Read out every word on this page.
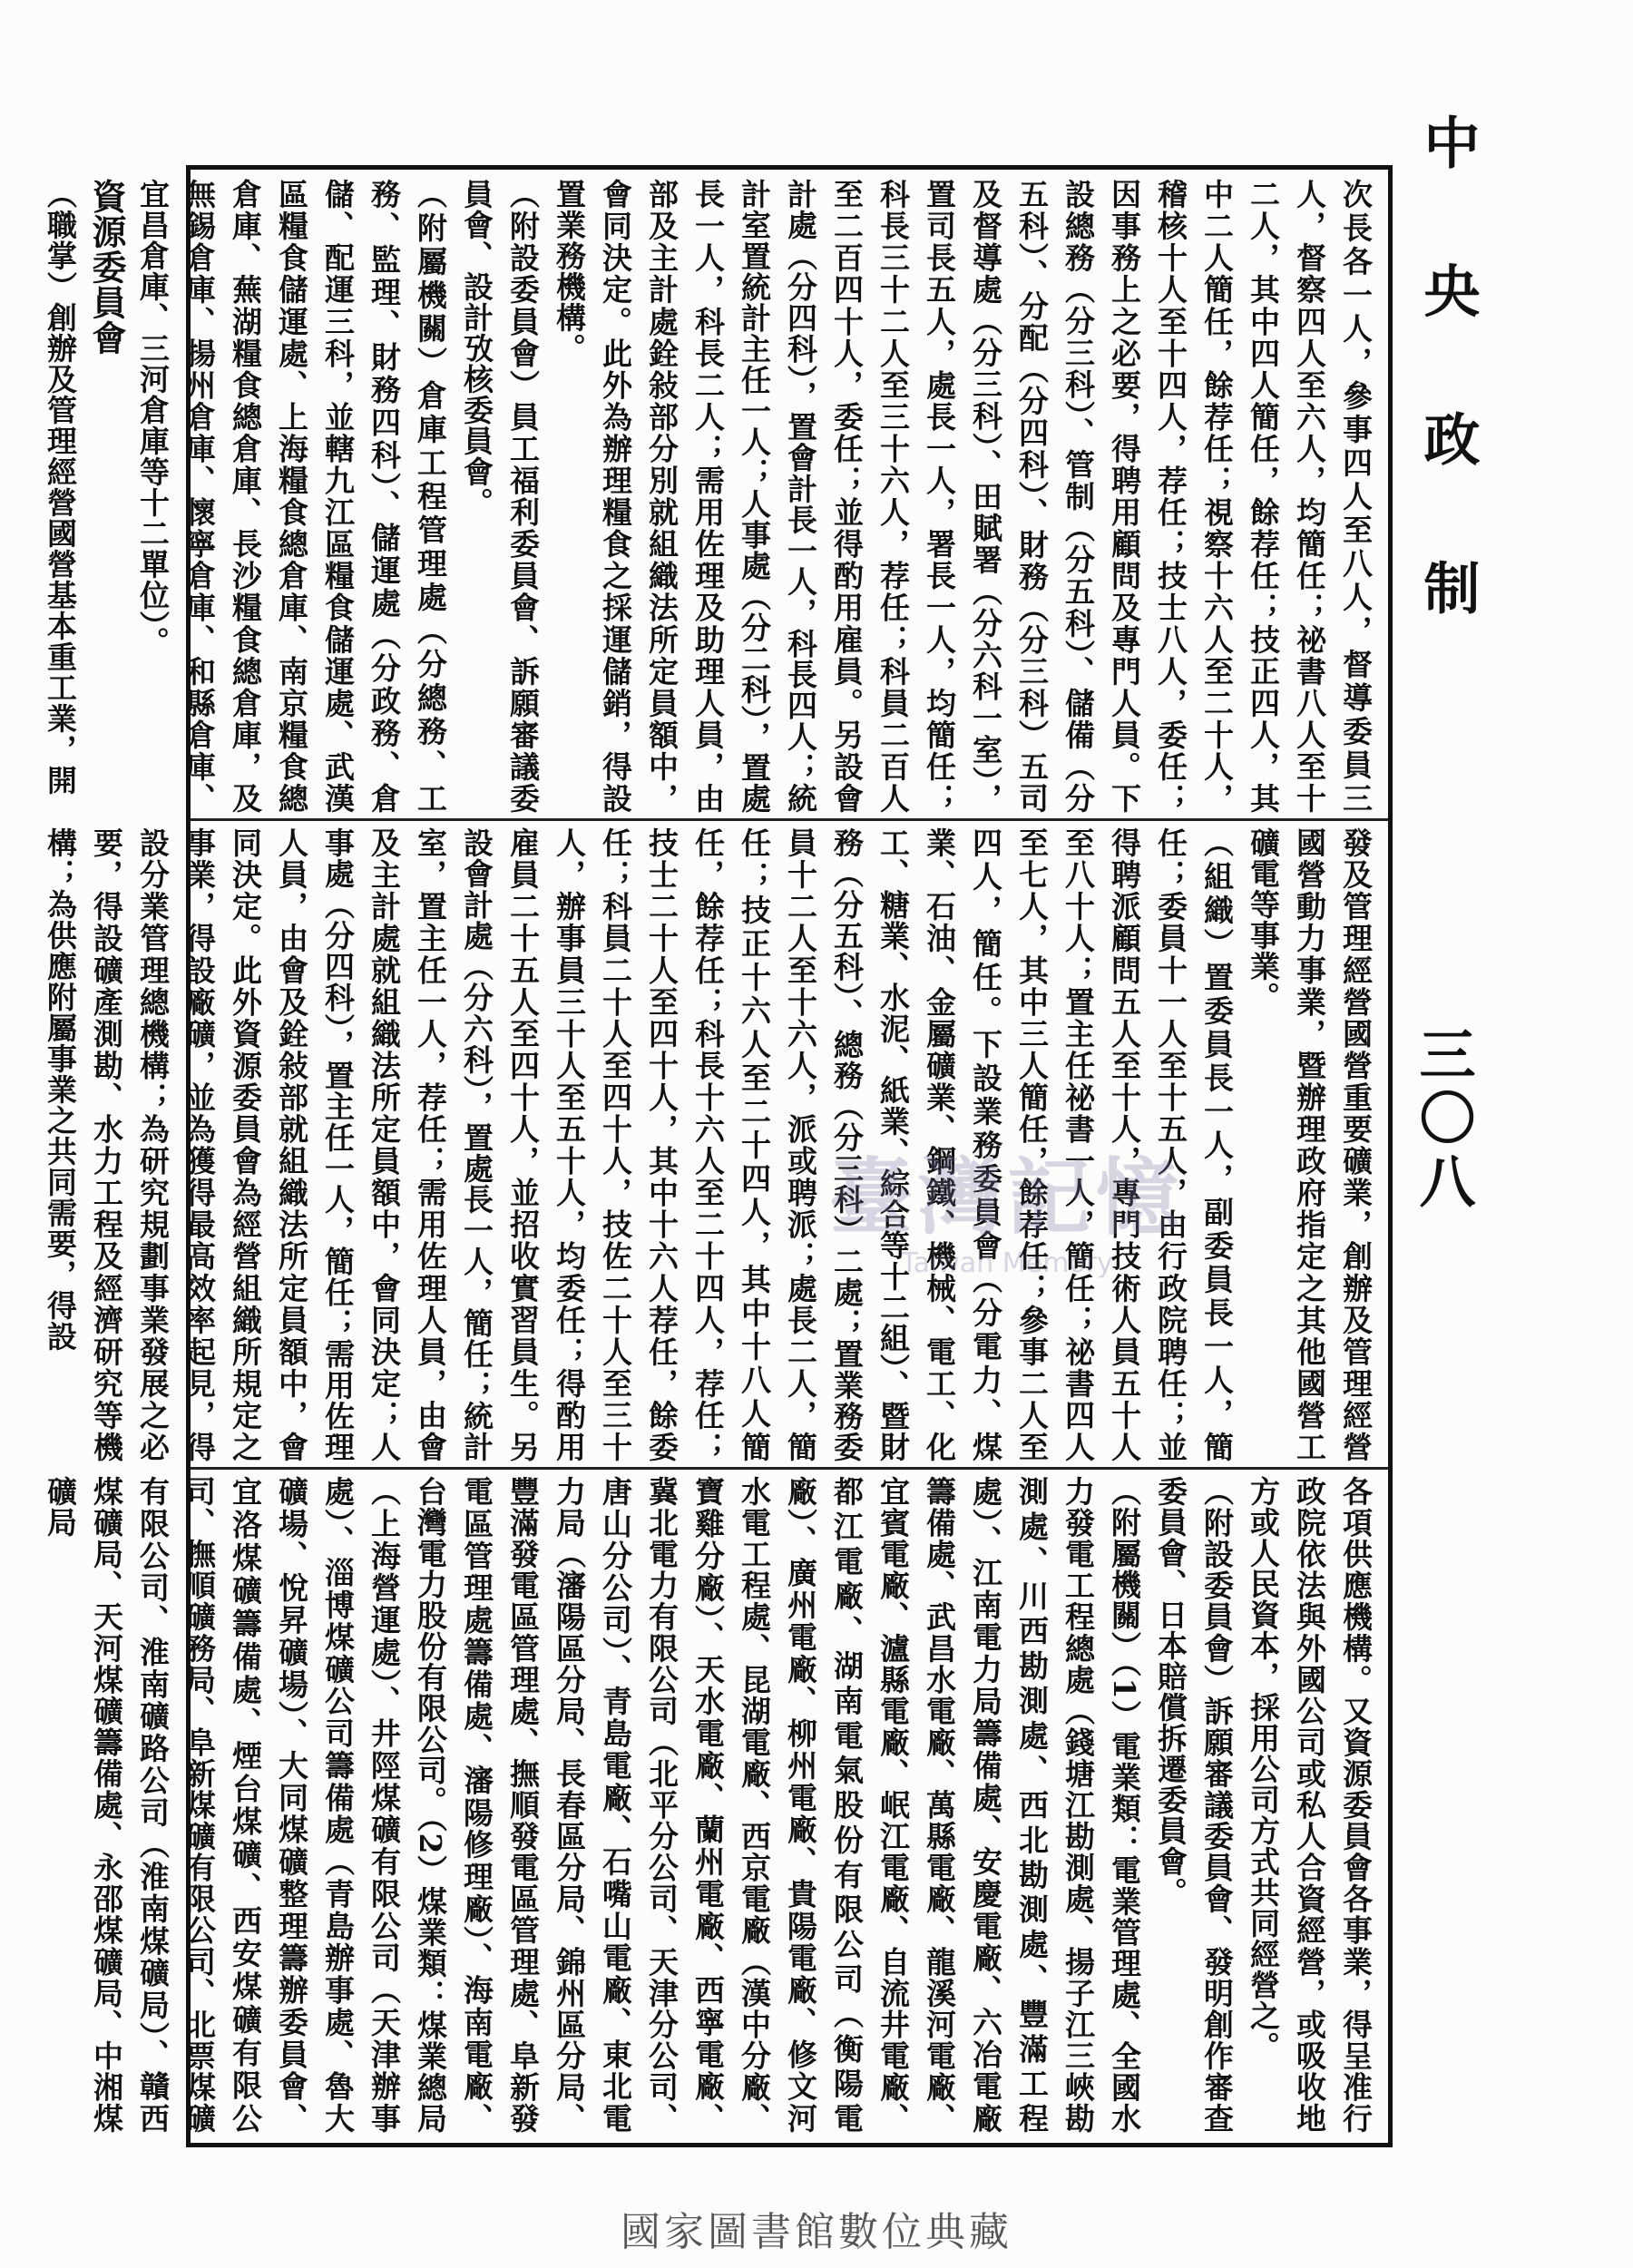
中 央 政 制
三〇八

次長各一人，參事四人至八人，督導委員三人，督察四人至六人，均簡任；祕書八人至十二人，其中四人簡任，餘荐任；技正四人，其中二人簡任，餘荐任；視察十六人至二十人，稽核十人至十四人，荐任；技士八人，委任；因事務上之必要，得聘用顧問及專門人員。下設總務（分三科）、管制（分五科）、儲備（分五科）、分配（分四科）、財務（分三科）五司及督導處（分三科）、田賦署（分六科一室），置司長五人，處長一人，署長一人，均簡任；科長三十二人至三十六人，荐任；科員二百人至二百四十人，委任；並得酌用雇員。另設會計處（分四科），置會計長一人，科長四人；統計室置統計主任一人；人事處（分二科），置處長一人，科長二人；需用佐理及助理人員，由部及主計處銓敍部分別就組織法所定員額中，會同決定。此外為辦理糧食之採運儲銷，得設置業務機構。

（附設委員會）員工福利委員會、訴願審議委員會、設計攷核委員會。

（附屬機關）倉庫工程管理處（分總務、工務、監理、財務四科）、儲運處（分政務、倉儲、配運三科，並轄九江區糧食儲運處、武漢區糧食儲運處、上海糧食總倉庫、南京糧食總倉庫、蕪湖糧食總倉庫、長沙糧食總倉庫，及無錫倉庫、揚州倉庫、懷寧倉庫、和縣倉庫、宜昌倉庫、三河倉庫等十二單位）。

資源委員會

（職掌）創辦及管理經營國營基本重工業，開

發及管理經營國營重要礦業，創辦及管理經營國營動力事業，暨辦理政府指定之其他國營工礦電等事業。

（組織）置委員長一人，副委員長一人，簡任；委員十一人至十五人，由行政院聘任；並得聘派顧問五人至十人，專門技術人員五十人至八十人；置主任祕書一人，簡任；祕書四人至七人，其中三人簡任，餘荐任；參事二人至四人，簡任。下設業務委員會（分電力、煤業、石油、金屬礦業、鋼鐵、機械、電工、化工、糖業、水泥、紙業、綜合等十二組）、暨財務（分五科）、總務（分三科）二處；置業務委員十二人至十六人，派或聘派；處長二人，簡任；技正十六人至二十四人，其中十八人簡任，餘荐任；科長十六人至二十四人，荐任；技士二十人至四十人，其中十六人荐任，餘委任；科員二十人至四十人，技佐二十人至三十人，辦事員三十人至五十人，均委任；得酌用雇員二十五人至四十人，並招收實習員生。另設會計處（分六科），置處長一人，簡任；統計室，置主任一人，荐任；需用佐理人員，由會及主計處就組織法所定員額中，會同決定；人事處（分四科），置主任一人，簡任；需用佐理人員，由會及銓敍部就組織法所定員額中，會同決定。此外資源委員會為經營組織所規定之事業，得設廠礦，並為獲得最高效率起見，得設分業管理總機構；為研究規劃事業發展之必要，得設礦產測勘、水力工程及經濟研究等機構；為供應附屬事業之共同需要，得設

各項供應機構。又資源委員會各事業，得呈准行政院依法與外國公司或私人合資經營，或吸收地方或人民資本，採用公司方式共同經營之。

（附設委員會）訴願審議委員會、發明創作審查委員會、日本賠償拆遷委員會。

（附屬機關）（1）電業類：電業管理處、全國水力發電工程總處（錢塘江勘測處、揚子江三峽勘測處、川西勘測處、西北勘測處、豐滿工程處）、江南電力局籌備處、安慶電廠、六冶電廠籌備處、武昌水電廠、萬縣電廠、龍溪河電廠、宜賓電廠、瀘縣電廠、岷江電廠、自流井電廠、都江電廠、湖南電氣股份有限公司（衡陽電廠）、廣州電廠、柳州電廠、貴陽電廠、修文河水電工程處、昆湖電廠、西京電廠（漢中分廠、寶雞分廠）、天水電廠、蘭州電廠、西寧電廠、冀北電力有限公司（北平分公司、天津分公司、唐山分公司）、青島電廠、石嘴山電廠、東北電力局（瀋陽區分局、長春區分局、錦州區分局、豐滿發電區管理處、撫順發電區管理處、阜新發電區管理處籌備處、瀋陽修理廠）、海南電廠、台灣電力股份有限公司。（2）煤業類：煤業總局（上海營運處）、井陘煤礦有限公司（天津辦事處）、淄博煤礦公司籌備處（青島辦事處、魯大礦場、悅昇礦場）、大同煤礦整理籌辦委員會、宜洛煤礦籌備處、煙台煤礦、西安煤礦有限公司、撫順礦務局、阜新煤礦有限公司、北票煤礦有限公司、淮南礦路公司（淮南煤礦局）、贛西煤礦局、天河煤礦籌備處、永邵煤礦局、中湘煤礦局

臺灣記憶
Taiwan Memory
國家圖書館數位典藏
